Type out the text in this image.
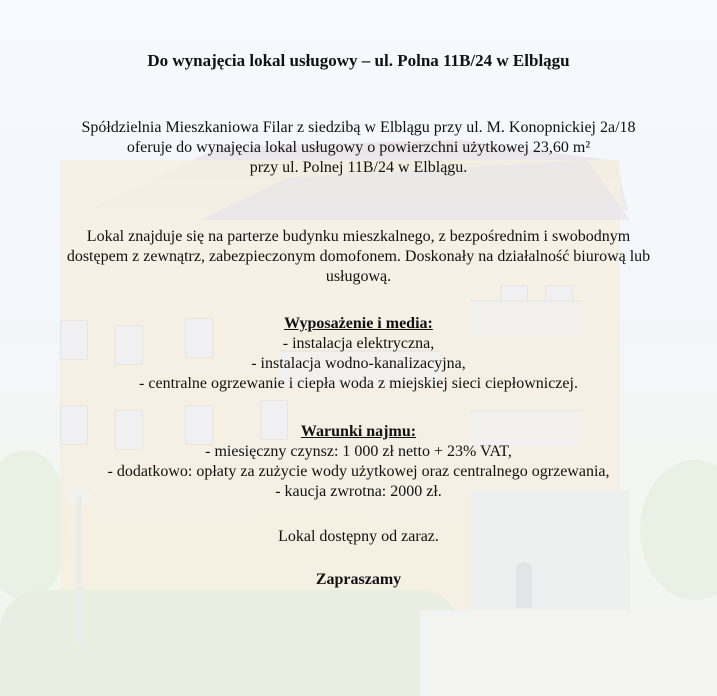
Do wynajęcia lokal usługowy – ul. Polna 11B/24 w Elblągu
Spółdzielnia Mieszkaniowa Filar z siedzibą w Elblągu przy ul. M. Konopnickiej 2a/18
oferuje do wynajęcia lokal usługowy o powierzchni użytkowej 23,60 m²
przy ul. Polnej 11B/24 w Elblągu.
Lokal znajduje się na parterze budynku mieszkalnego, z bezpośrednim i swobodnym
dostępem z zewnątrz, zabezpieczonym domofonem. Doskonały na działalność biurową lub
usługową.
Wyposażenie i media:
- instalacja elektryczna,
- instalacja wodno-kanalizacyjna,
- centralne ogrzewanie i ciepła woda z miejskiej sieci ciepłowniczej.
Warunki najmu:
- miesięczny czynsz: 1 000 zł netto + 23% VAT,
- dodatkowo: opłaty za zużycie wody użytkowej oraz centralnego ogrzewania,
- kaucja zwrotna: 2000 zł.
Lokal dostępny od zaraz.
Zapraszamy
